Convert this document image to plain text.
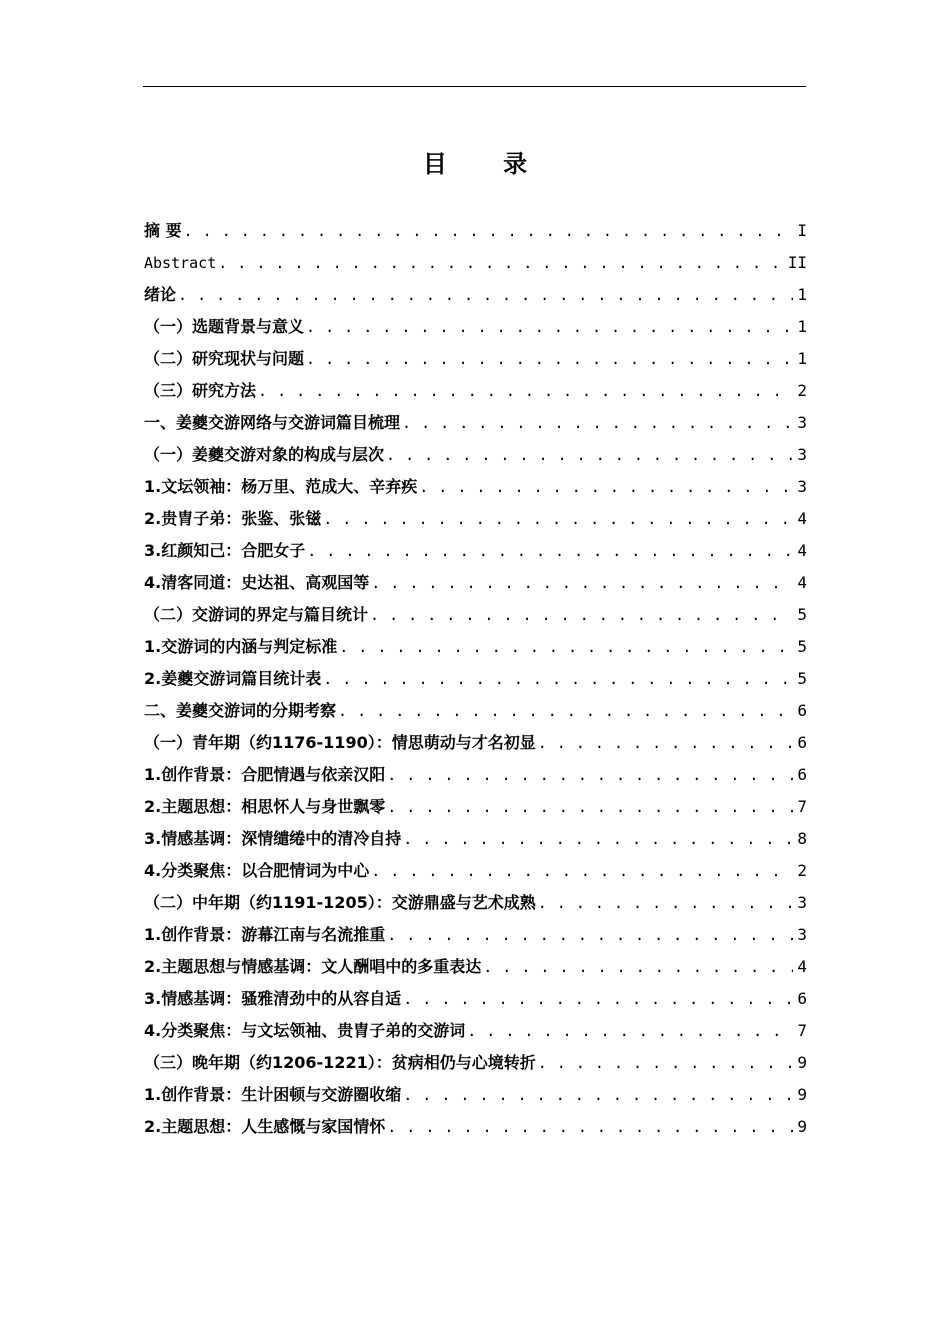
目 录
摘 要 . . .	I
Abstract . . .	II
绪论 . . .	1
（一）选题背景与意义 . . .	1
（二）研究现状与问题 . . .	1
（三）研究方法 . . .	2
一、姜夔交游网络与交游词篇目梳理 . . .	3
（一）姜夔交游对象的构成与层次 . . .	3
1.文坛领袖：杨万里、范成大、辛弃疾 . . .	3
2.贵胄子弟：张鉴、张镃 . . .	4
3.红颜知己：合肥女子 . . .	4
4.清客同道：史达祖、高观国等 . . .	4
（二）交游词的界定与篇目统计 . . .	5
1.交游词的内涵与判定标准 . . .	5
2.姜夔交游词篇目统计表 . . .	5
二、姜夔交游词的分期考察 . . .	6
（一）青年期（约1176-1190）：情思萌动与才名初显 . . .	6
1.创作背景：合肥情遇与依亲汉阳 . . .	6
2.主题思想：相思怀人与身世飘零 . . .	7
3.情感基调：深情缱绻中的清冷自持 . . .	8
4.分类聚焦：以合肥情词为中心 . . .	2
（二）中年期（约1191-1205）：交游鼎盛与艺术成熟 . . .	3
1.创作背景：游幕江南与名流推重 . . .	3
2.主题思想与情感基调：文人酬唱中的多重表达 . . .	4
3.情感基调：骚雅清劲中的从容自适 . . .	6
4.分类聚焦：与文坛领袖、贵胄子弟的交游词 . . .	7
（三）晚年期（约1206-1221）：贫病相仍与心境转折 . . .	9
1.创作背景：生计困顿与交游圈收缩 . . .	9
2.主题思想：人生感慨与家国情怀 . . .	9
